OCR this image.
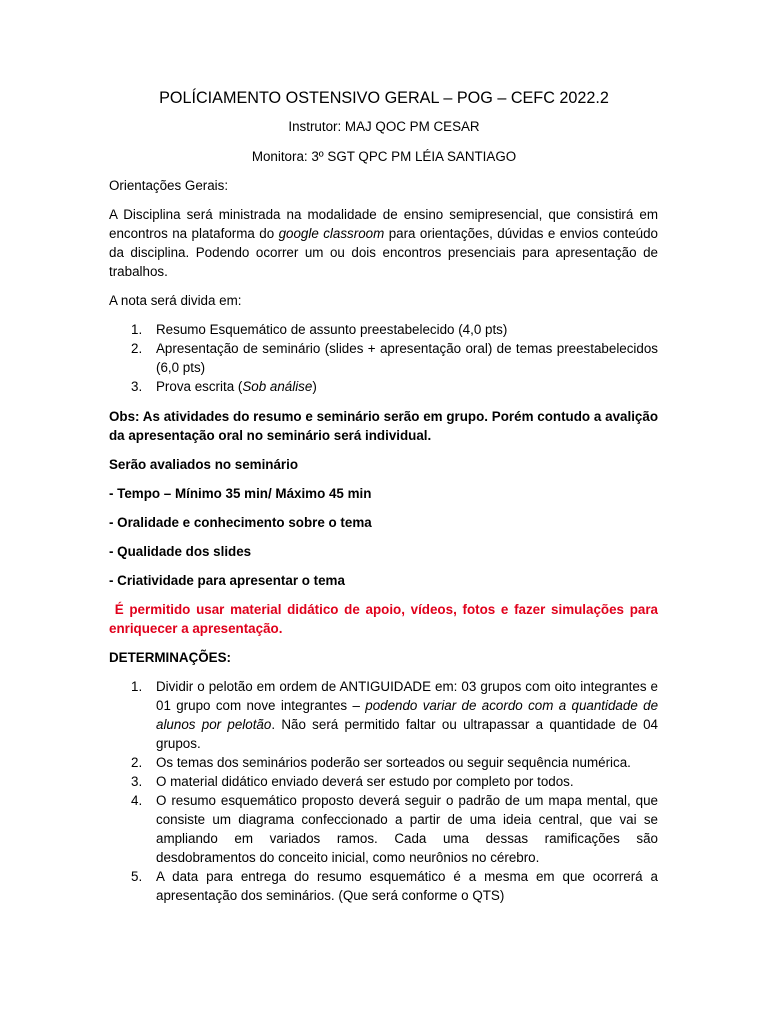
POLÍCIAMENTO OSTENSIVO GERAL – POG – CEFC 2022.2
Instrutor: MAJ QOC PM CESAR
Monitora: 3º SGT QPC PM LÉIA SANTIAGO
Orientações Gerais:
A Disciplina será ministrada na modalidade de ensino semipresencial, que consistirá em encontros na plataforma do google classroom para orientações, dúvidas e envios conteúdo da disciplina. Podendo ocorrer um ou dois encontros presenciais para apresentação de trabalhos.
A nota será divida em:
1. Resumo Esquemático de assunto preestabelecido (4,0 pts)
2. Apresentação de seminário (slides + apresentação oral) de temas preestabelecidos (6,0 pts)
3. Prova escrita (Sob análise)
Obs: As atividades do resumo e seminário serão em grupo. Porém contudo a avalição da apresentação oral no seminário será individual.
Serão avaliados no seminário
- Tempo – Mínimo 35 min/ Máximo 45 min
- Oralidade e conhecimento sobre o tema
- Qualidade dos slides
- Criatividade para apresentar o tema
É permitido usar material didático de apoio, vídeos, fotos e fazer simulações para enriquecer a apresentação.
DETERMINAÇÕES:
1. Dividir o pelotão em ordem de ANTIGUIDADE em: 03 grupos com oito integrantes e 01 grupo com nove integrantes – podendo variar de acordo com a quantidade de alunos por pelotão. Não será permitido faltar ou ultrapassar a quantidade de 04 grupos.
2. Os temas dos seminários poderão ser sorteados ou seguir sequência numérica.
3. O material didático enviado deverá ser estudo por completo por todos.
4. O resumo esquemático proposto deverá seguir o padrão de um mapa mental, que consiste um diagrama confeccionado a partir de uma ideia central, que vai se ampliando em variados ramos. Cada uma dessas ramificações são desdobramentos do conceito inicial, como neurônios no cérebro.
5. A data para entrega do resumo esquemático é a mesma em que ocorrerá a apresentação dos seminários. (Que será conforme o QTS)
